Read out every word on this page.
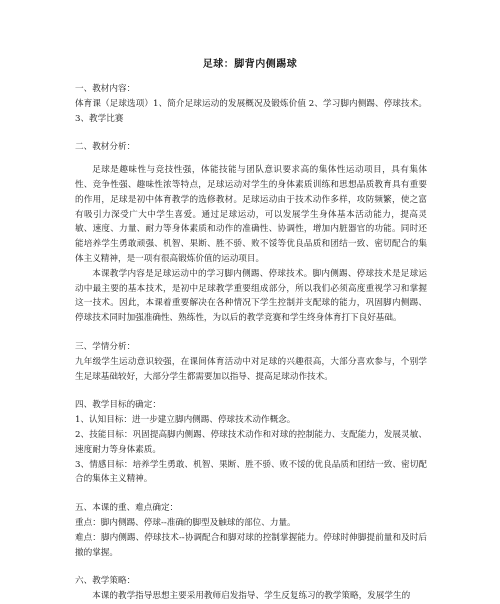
足球：脚背内侧踢球

一、教材内容：

体育课（足球选项）1、简介足球运动的发展概况及锻炼价值 2、学习脚内侧踢、停球技术。3、教学比赛

二、教材分析：

足球是趣味性与竞技性强，体能技能与团队意识要求高的集体性运动项目，具有集体性、竞争性强、趣味性浓等特点，足球运动对学生的身体素质训练和思想品质教育具有重要的作用，足球是初中体育教学的选修教材。足球运动由于技术动作多样，攻防频繁，使之富有吸引力深受广大中学生喜爱。通过足球运动，可以发展学生身体基本活动能力，提高灵敏、速度、力量、耐力等身体素质和动作的准确性、协调性，增加内脏器官的功能。同时还能培养学生勇敢顽强、机智、果断、胜不骄、败不馁等优良品质和团结一致、密切配合的集体主义精神，是一项有很高锻炼价值的运动项目。

本课教学内容是足球运动中的学习脚内侧踢、停球技术。脚内侧踢、停球技术是足球运动中最主要的基本技术，是初中足球教学重要组成部分，所以我们必须高度重视学习和掌握这一技术。因此，本课着重要解决在各种情况下学生控制并支配球的能力，巩固脚内侧踢、停球技术同时加强准确性、熟练性，为以后的教学竞赛和学生终身体育打下良好基础。

三、学情分析：

九年级学生运动意识较强，在课间体育活动中对足球的兴趣很高，大部分喜欢参与，个别学生足球基础较好，大部分学生都需要加以指导、提高足球动作技术。

四、教学目标的确定：

1、认知目标：进一步建立脚内侧踢、停球技术动作概念。

2、技能目标：巩固提高脚内侧踢、停球技术动作和对球的控制能力、支配能力，发展灵敏、速度耐力等身体素质。

3、情感目标：培养学生勇敢、机智、果断、胜不骄、败不馁的优良品质和团结一致、密切配合的集体主义精神。

五、本课的重、难点确定：

重点：脚内侧踢、停球--准确的脚型及触球的部位、力量。

难点：脚内侧踢、停球技术--协调配合和脚对球的控制掌握能力。停球时伸脚提前量和及时后撤的掌握。

六、教学策略：

本课的教学指导思想主要采用教师启发指导、学生反复练习的教学策略，发展学生的
